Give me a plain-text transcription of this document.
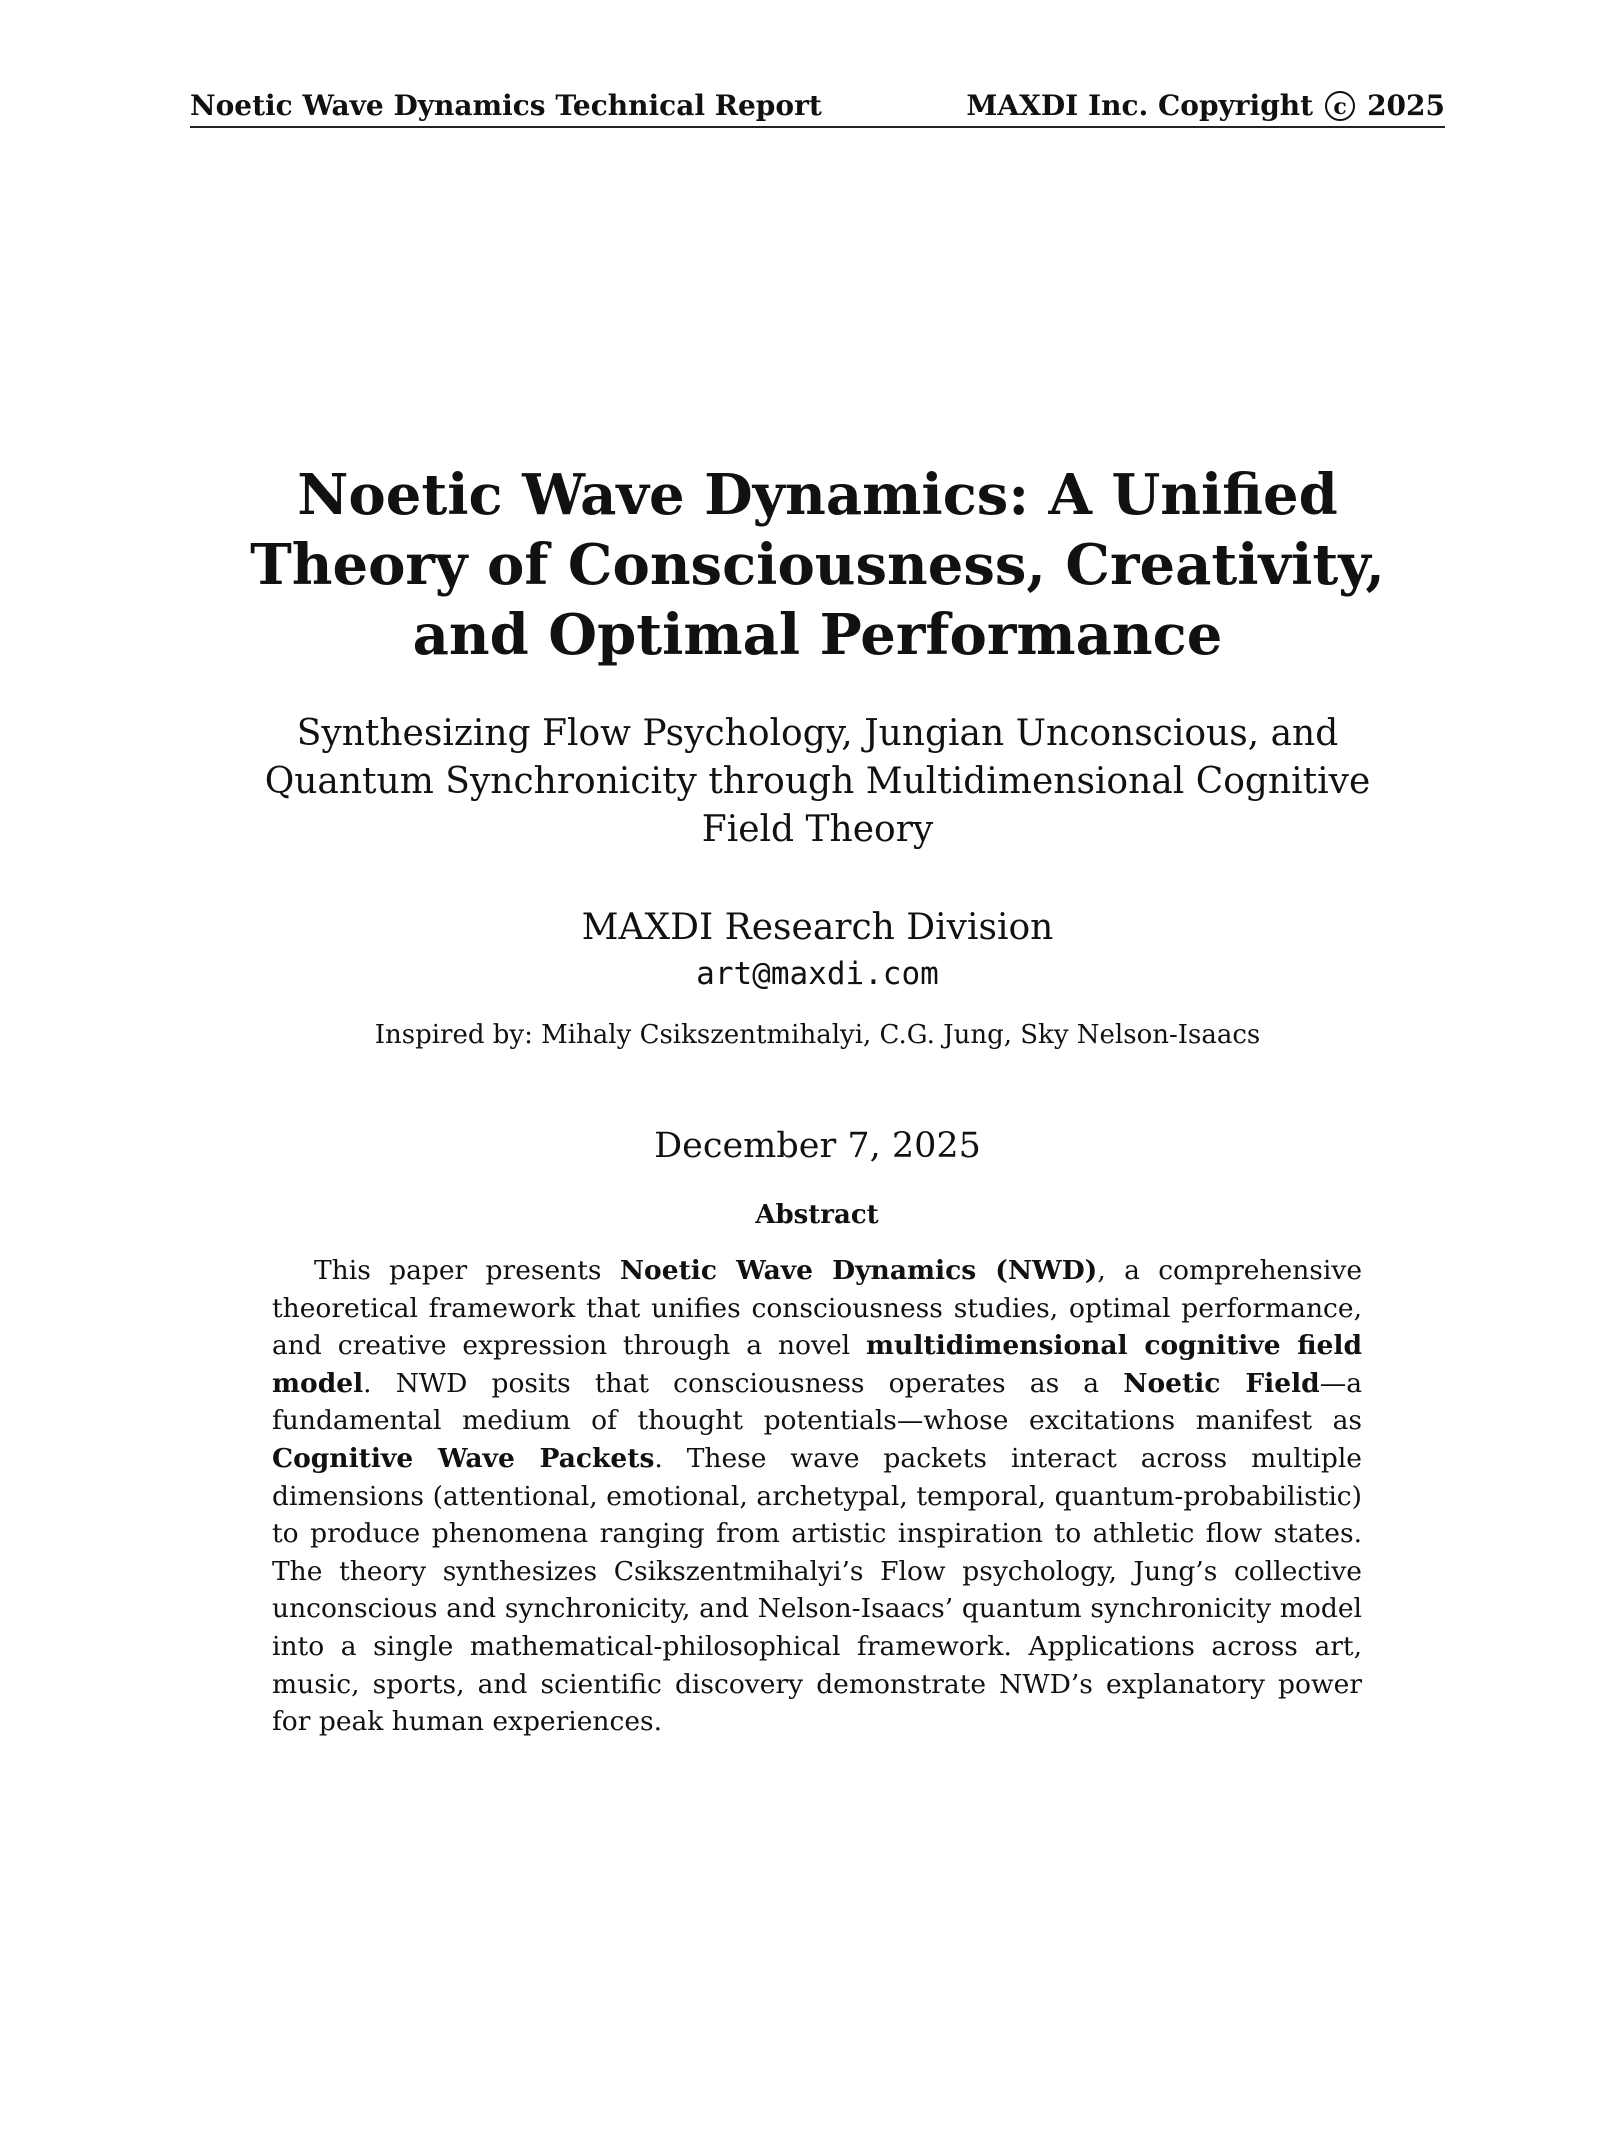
Noetic Wave Dynamics Technical Report	MAXDI Inc. Copyright c 2025
Noetic Wave Dynamics: A Unified Theory of Consciousness, Creativity, and Optimal Performance
Synthesizing Flow Psychology, Jungian Unconscious, and Quantum Synchronicity through Multidimensional Cognitive Field Theory
MAXDI Research Division
art@maxdi.com
Inspired by: Mihaly Csikszentmihalyi, C.G. Jung, Sky Nelson-Isaacs
December 7, 2025
Abstract

This paper presents Noetic Wave Dynamics (NWD), a comprehensive theoretical framework that unifies consciousness studies, optimal performance, and creative expression through a novel multidimensional cognitive field model. NWD posits that consciousness operates as a Noetic Field—a fundamental medium of thought potentials—whose excitations manifest as Cognitive Wave Packets. These wave packets interact across multiple dimensions (attentional, emotional, archetypal, temporal, quantum-probabilistic) to produce phenomena ranging from artistic inspiration to athletic flow states. The theory synthesizes Csikszentmihalyi’s Flow psychology, Jung’s collective unconscious and synchronicity, and Nelson-Isaacs’ quantum synchronicity model into a single mathematical-philosophical framework. Applications across art, music, sports, and scientific discovery demonstrate NWD’s explanatory power for peak human experiences.
